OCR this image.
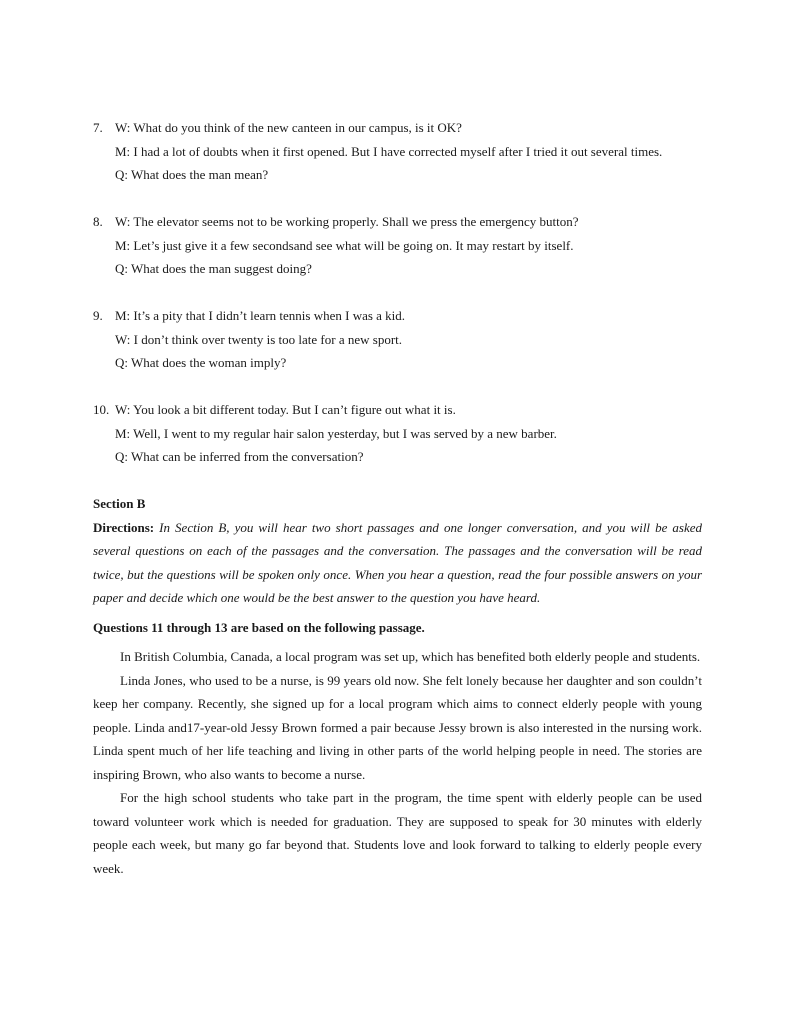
7. W: What do you think of the new canteen in our campus, is it OK?
M: I had a lot of doubts when it first opened. But I have corrected myself after I tried it out several times.
Q: What does the man mean?
8. W: The elevator seems not to be working properly. Shall we press the emergency button?
M: Let’s just give it a few secondsand see what will be going on. It may restart by itself.
Q: What does the man suggest doing?
9. M: It’s a pity that I didn’t learn tennis when I was a kid.
W: I don’t think over twenty is too late for a new sport.
Q: What does the woman imply?
10. W: You look a bit different today. But I can’t figure out what it is.
M: Well, I went to my regular hair salon yesterday, but I was served by a new barber.
Q: What can be inferred from the conversation?
Section B
Directions: In Section B, you will hear two short passages and one longer conversation, and you will be asked several questions on each of the passages and the conversation. The passages and the conversation will be read twice, but the questions will be spoken only once. When you hear a question, read the four possible answers on your paper and decide which one would be the best answer to the question you have heard.
Questions 11 through 13 are based on the following passage.

In British Columbia, Canada, a local program was set up, which has benefited both elderly people and students.

Linda Jones, who used to be a nurse, is 99 years old now. She felt lonely because her daughter and son couldn’t keep her company. Recently, she signed up for a local program which aims to connect elderly people with young people. Linda and17-year-old Jessy Brown formed a pair because Jessy brown is also interested in the nursing work. Linda spent much of her life teaching and living in other parts of the world helping people in need. The stories are inspiring Brown, who also wants to become a nurse.

For the high school students who take part in the program, the time spent with elderly people can be used toward volunteer work which is needed for graduation. They are supposed to speak for 30 minutes with elderly people each week, but many go far beyond that. Students love and look forward to talking to elderly people every week.
